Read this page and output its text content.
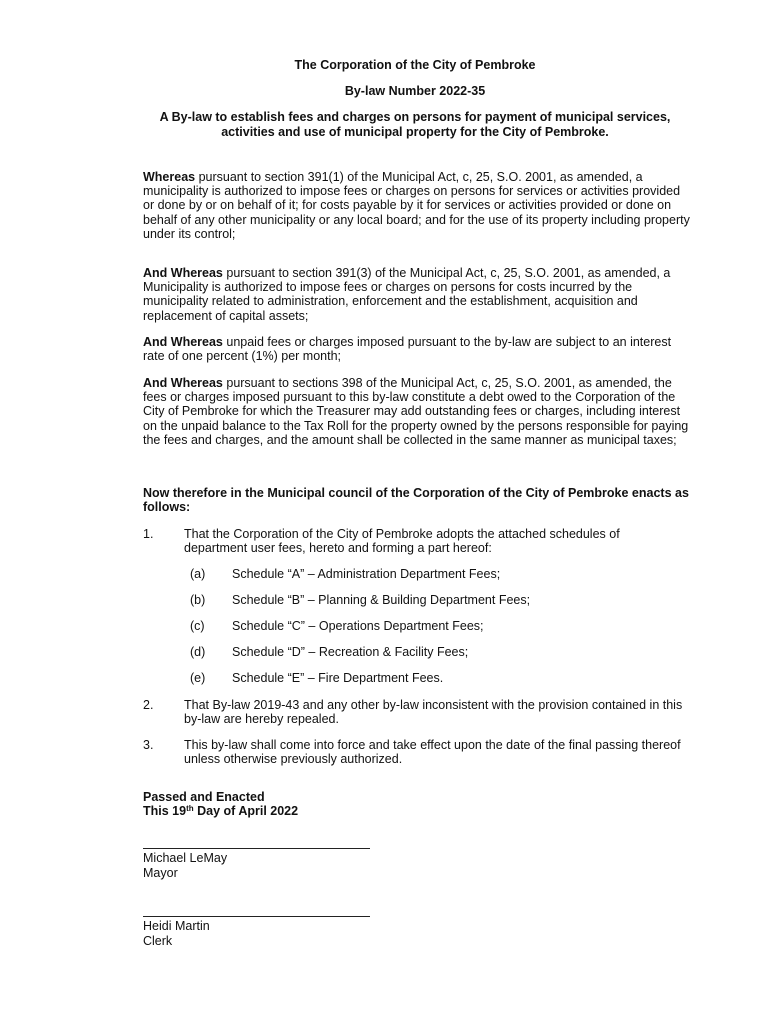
The Corporation of the City of Pembroke
By-law Number 2022-35
A By-law to establish fees and charges on persons for payment of municipal services, activities and use of municipal property for the City of Pembroke.
Whereas pursuant to section 391(1) of the Municipal Act, c, 25, S.O. 2001, as amended, a municipality is authorized to impose fees or charges on persons for services or activities provided or done by or on behalf of it; for costs payable by it for services or activities provided or done on behalf of any other municipality or any local board; and for the use of its property including property under its control;
And Whereas pursuant to section 391(3) of the Municipal Act, c, 25, S.O. 2001, as amended, a Municipality is authorized to impose fees or charges on persons for costs incurred by the municipality related to administration, enforcement and the establishment, acquisition and replacement of capital assets;
And Whereas unpaid fees or charges imposed pursuant to the by-law are subject to an interest rate of one percent (1%) per month;
And Whereas pursuant to sections 398 of the Municipal Act, c, 25, S.O. 2001, as amended, the fees or charges imposed pursuant to this by-law constitute a debt owed to the Corporation of the City of Pembroke for which the Treasurer may add outstanding fees or charges, including interest on the unpaid balance to the Tax Roll for the property owned by the persons responsible for paying the fees and charges, and the amount shall be collected in the same manner as municipal taxes;
Now therefore in the Municipal council of the Corporation of the City of Pembroke enacts as follows:
1. That the Corporation of the City of Pembroke adopts the attached schedules of department user fees, hereto and forming a part hereof:
(a) Schedule “A” – Administration Department Fees;
(b) Schedule “B” – Planning & Building Department Fees;
(c) Schedule “C” – Operations Department Fees;
(d) Schedule “D” – Recreation & Facility Fees;
(e) Schedule “E” – Fire Department Fees.
2. That By-law 2019-43 and any other by-law inconsistent with the provision contained in this by-law are hereby repealed.
3. This by-law shall come into force and take effect upon the date of the final passing thereof unless otherwise previously authorized.
Passed and Enacted
This 19th Day of April 2022
Michael LeMay
Mayor
Heidi Martin
Clerk
